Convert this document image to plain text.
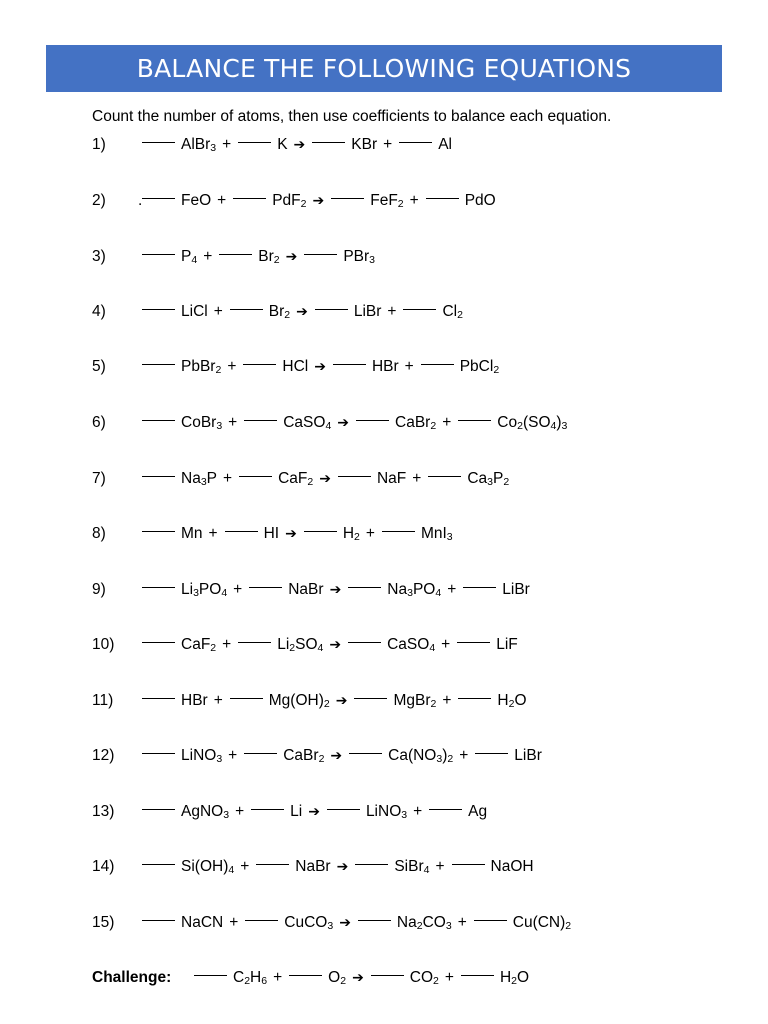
BALANCE THE FOLLOWING EQUATIONS
Count the number of atoms, then use coefficients to balance each equation.
1)	AlBr$_3$ +	K ➔	KBr +	Al
2)	. FeO +	PdF$_2$ ➔	FeF$_2$ +	PdO
3)	$P_4$ +	$Br_2$ ➔	PBr$_3$
4)	LiCl +	$Br_2$ ➔	LiBr +	$Cl_2$
5)	PbBr$_2$ +	HCl ➔	HBr +	PbCl$_2$
6)	CoBr$_3$ +	CaSO$_4$ ➔	CaBr$_2$ +	$Co_2(SO_4)_3$
7)	$Na_3P$ +	CaF$_2$ ➔	NaF +	$Ca_3P_2$
8)	Mn +	HI ➔	$H_2$ +	MnI$_3$
9)	$Li_3PO_4$ +	NaBr ➔	$Na_3PO_4$ +	LiBr
10)	CaF$_2$ +	$Li_2SO_4$ ➔	CaSO$_4$ +	LiF
11)	HBr +	$Mg(OH)_2$ ➔	MgBr$_2$ +	$H_2O$
12)	LiNO$_3$ +	CaBr$_2$ ➔	$Ca(NO_3)_2$ +	LiBr
13)	AgNO$_3$ +	Li ➔	LiNO$_3$ +	Ag
14)	$Si(OH)_4$ +	NaBr ➔	SiBr$_4$ +	NaOH
15)	NaCN +	CuCO$_3$ ➔	$Na_2CO_3$ +	$Cu(CN)_2$
Challenge:	$C_2H_6$ +	$O_2$ ➔	$CO_2$ +	$H_2O$
